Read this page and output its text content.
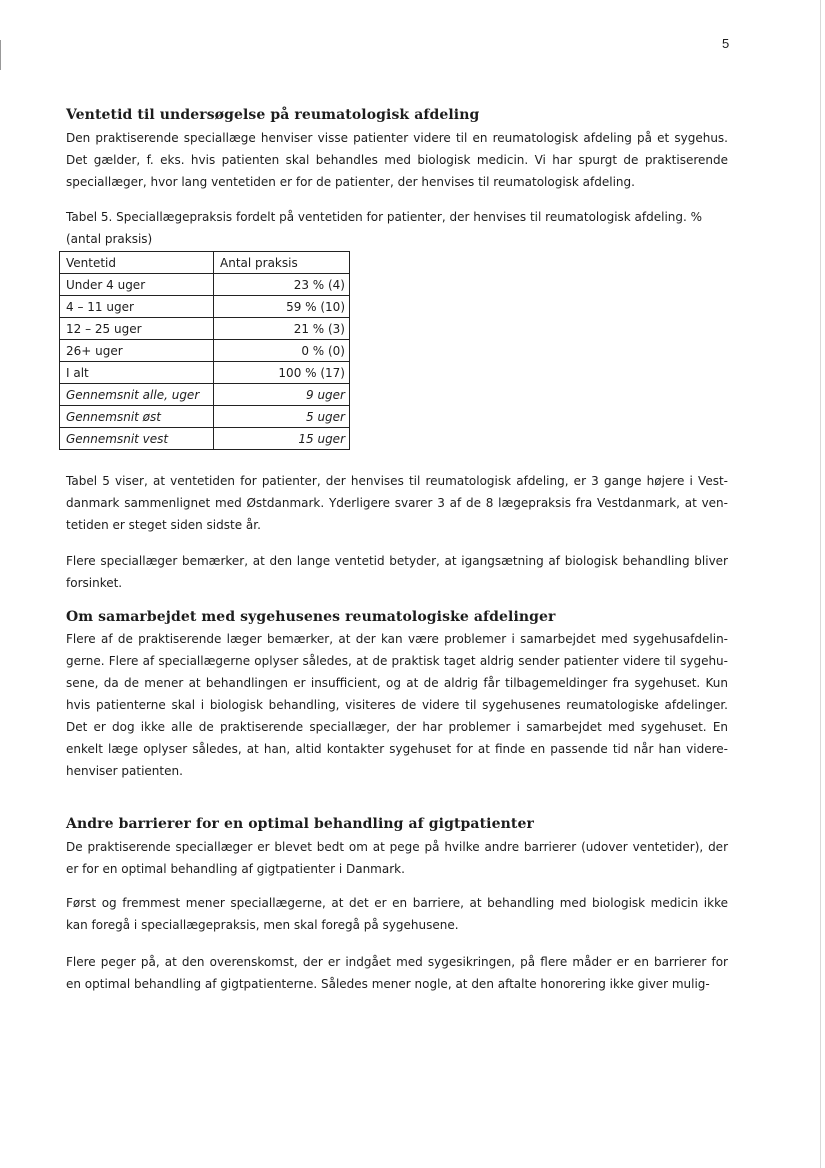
5
Ventetid til undersøgelse på reumatologisk afdeling
Den praktiserende speciallæge henviser visse patienter videre til en reumatologisk afdeling på et sygehus.
Det gælder, f. eks. hvis patienten skal behandles med biologisk medicin. Vi har spurgt de praktiserende
speciallæger, hvor lang ventetiden er for de patienter, der henvises til reumatologisk afdeling.
Tabel 5. Speciallægepraksis fordelt på ventetiden for patienter, der henvises til reumatologisk afdeling. %
(antal praksis)
Ventetid	Antal praksis
Under 4 uger	23 % (4)
4 – 11 uger	59 % (10)
12 – 25 uger	21 % (3)
26+ uger	0 % (0)
I alt	100 % (17)
Gennemsnit alle, uger	9 uger
Gennemsnit øst	5 uger
Gennemsnit vest	15 uger
Tabel 5 viser, at ventetiden for patienter, der henvises til reumatologisk afdeling, er 3 gange højere i Vest-
danmark sammenlignet med Østdanmark. Yderligere svarer 3 af de 8 lægepraksis fra Vestdanmark, at ven-
tetiden er steget siden sidste år.
Flere speciallæger bemærker, at den lange ventetid betyder, at igangsætning af biologisk behandling bliver
forsinket.
Om samarbejdet med sygehusenes reumatologiske afdelinger
Flere af de praktiserende læger bemærker, at der kan være problemer i samarbejdet med sygehusafdelin-
gerne. Flere af speciallægerne oplyser således, at de praktisk taget aldrig sender patienter videre til sygehu-
sene, da de mener at behandlingen er insufficient, og at de aldrig får tilbagemeldinger fra sygehuset. Kun
hvis patienterne skal i biologisk behandling, visiteres de videre til sygehusenes reumatologiske afdelinger.
Det er dog ikke alle de praktiserende speciallæger, der har problemer i samarbejdet med sygehuset. En
enkelt læge oplyser således, at han, altid kontakter sygehuset for at finde en passende tid når han videre-
henviser patienten.
Andre barrierer for en optimal behandling af gigtpatienter
De praktiserende speciallæger er blevet bedt om at pege på hvilke andre barrierer (udover ventetider), der
er for en optimal behandling af gigtpatienter i Danmark.
Først og fremmest mener speciallægerne, at det er en barriere, at behandling med biologisk medicin ikke
kan foregå i speciallægepraksis, men skal foregå på sygehusene.
Flere peger på, at den overenskomst, der er indgået med sygesikringen, på flere måder er en barrierer for
en optimal behandling af gigtpatienterne. Således mener nogle, at den aftalte honorering ikke giver mulig-
